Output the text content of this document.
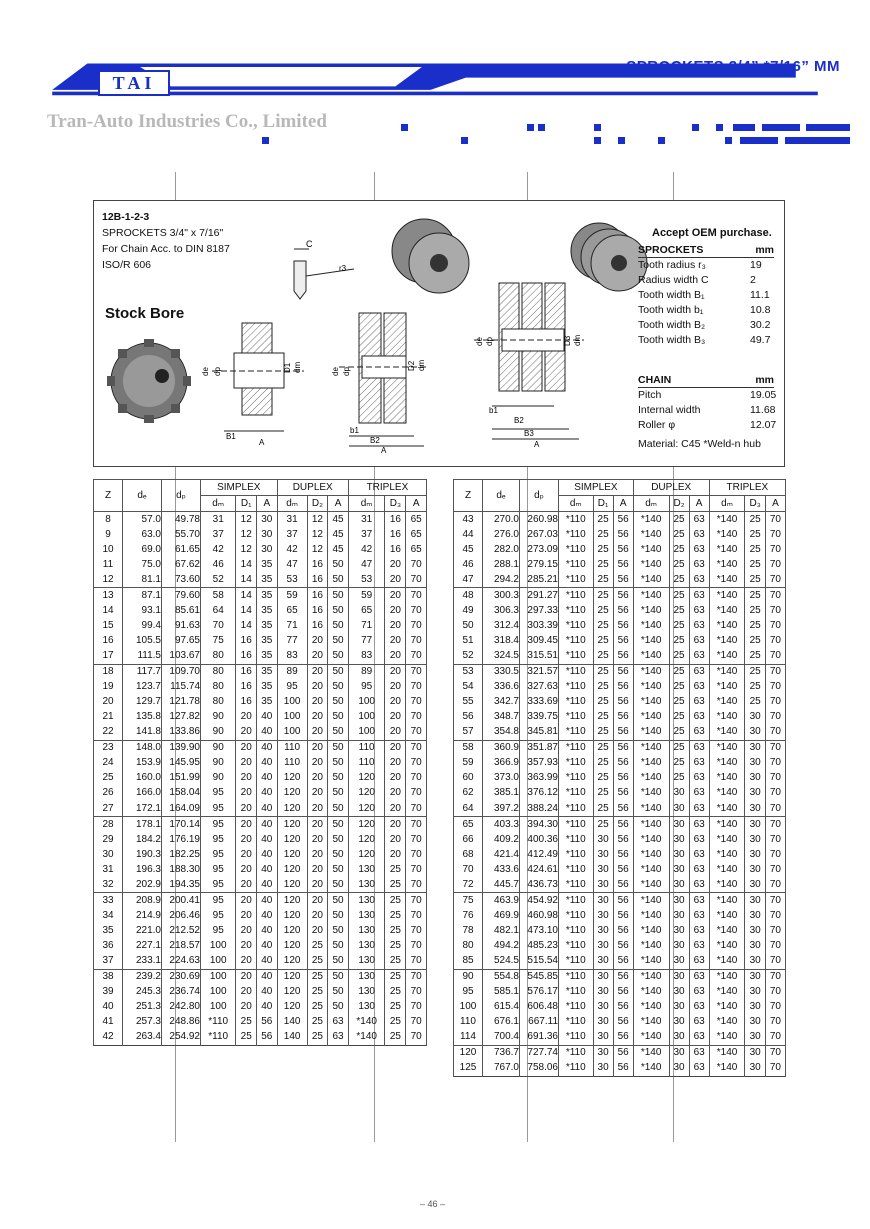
TAI
SPROCKETS 3/4” *7/16” MM
Tran-Auto Industries Co., Limited
12B-1-2-3
SPROCKETS 3/4" x 7/16"
For Chain Acc. to DIN 8187
ISO/R 606
Stock Bore
C
r3
B1
A
de dp	D1 dm
b1
B2
A
de dp
D2 dm
b1
B2
B3
A
de dp	D3 dm
Accept OEM purchase.
SPROCKETS	mm
Tooth radius r₃	19
Radius width C	2
Tooth width B₁	11.1
Tooth width b₁	10.8
Tooth width B₂	30.2
Tooth width B₃	49.7
CHAIN	mm
Pitch	19.05
Internal width	11.68
Roller φ	12.07
Material: C45 *Weld-n hub
Z	dₑ	dₚ	SIMPLEX			DUPLEX			TRIPLEX		
			dₘ	D₁	A	dₘ	D₂	A	dₘ	D₃	A
8	57.0	49.78	31	12	30	31	12	45	31	16	65
9	63.0	55.70	37	12	30	37	12	45	37	16	65
10	69.0	61.65	42	12	30	42	12	45	42	16	65
11	75.0	67.62	46	14	35	47	16	50	47	20	70
12	81.1	73.60	52	14	35	53	16	50	53	20	70
13	87.1	79.60	58	14	35	59	16	50	59	20	70
14	93.1	85.61	64	14	35	65	16	50	65	20	70
15	99.4	91.63	70	14	35	71	16	50	71	20	70
16	105.5	97.65	75	16	35	77	20	50	77	20	70
17	111.5	103.67	80	16	35	83	20	50	83	20	70
18	117.7	109.70	80	16	35	89	20	50	89	20	70
19	123.7	115.74	80	16	35	95	20	50	95	20	70
20	129.7	121.78	80	16	35	100	20	50	100	20	70
21	135.8	127.82	90	20	40	100	20	50	100	20	70
22	141.8	133.86	90	20	40	100	20	50	100	20	70
23	148.0	139.90	90	20	40	110	20	50	110	20	70
24	153.9	145.95	90	20	40	110	20	50	110	20	70
25	160.0	151.99	90	20	40	120	20	50	120	20	70
26	166.0	158.04	95	20	40	120	20	50	120	20	70
27	172.1	164.09	95	20	40	120	20	50	120	20	70
28	178.1	170.14	95	20	40	120	20	50	120	20	70
29	184.2	176.19	95	20	40	120	20	50	120	20	70
30	190.3	182.25	95	20	40	120	20	50	120	20	70
31	196.3	188.30	95	20	40	120	20	50	130	25	70
32	202.9	194.35	95	20	40	120	20	50	130	25	70
33	208.9	200.41	95	20	40	120	20	50	130	25	70
34	214.9	206.46	95	20	40	120	20	50	130	25	70
35	221.0	212.52	95	20	40	120	20	50	130	25	70
36	227.1	218.57	100	20	40	120	25	50	130	25	70
37	233.1	224.63	100	20	40	120	25	50	130	25	70
38	239.2	230.69	100	20	40	120	25	50	130	25	70
39	245.3	236.74	100	20	40	120	25	50	130	25	70
40	251.3	242.80	100	20	40	120	25	50	130	25	70
41	257.3	248.86	*110	25	56	140	25	63	*140	25	70
42	263.4	254.92	*110	25	56	140	25	63	*140	25	70
Z	dₑ	dₚ	SIMPLEX			DUPLEX			TRIPLEX		
			dₘ	D₁	A	dₘ	D₂	A	dₘ	D₃	A
43	270.0	260.98	*110	25	56	*140	25	63	*140	25	70
44	276.0	267.03	*110	25	56	*140	25	63	*140	25	70
45	282.0	273.09	*110	25	56	*140	25	63	*140	25	70
46	288.1	279.15	*110	25	56	*140	25	63	*140	25	70
47	294.2	285.21	*110	25	56	*140	25	63	*140	25	70
48	300.3	291.27	*110	25	56	*140	25	63	*140	25	70
49	306.3	297.33	*110	25	56	*140	25	63	*140	25	70
50	312.4	303.39	*110	25	56	*140	25	63	*140	25	70
51	318.4	309.45	*110	25	56	*140	25	63	*140	25	70
52	324.5	315.51	*110	25	56	*140	25	63	*140	25	70
53	330.5	321.57	*110	25	56	*140	25	63	*140	25	70
54	336.6	327.63	*110	25	56	*140	25	63	*140	25	70
55	342.7	333.69	*110	25	56	*140	25	63	*140	25	70
56	348.7	339.75	*110	25	56	*140	25	63	*140	30	70
57	354.8	345.81	*110	25	56	*140	25	63	*140	30	70
58	360.9	351.87	*110	25	56	*140	25	63	*140	30	70
59	366.9	357.93	*110	25	56	*140	25	63	*140	30	70
60	373.0	363.99	*110	25	56	*140	25	63	*140	30	70
62	385.1	376.12	*110	25	56	*140	30	63	*140	30	70
64	397.2	388.24	*110	25	56	*140	30	63	*140	30	70
65	403.3	394.30	*110	25	56	*140	30	63	*140	30	70
66	409.2	400.36	*110	30	56	*140	30	63	*140	30	70
68	421.4	412.49	*110	30	56	*140	30	63	*140	30	70
70	433.6	424.61	*110	30	56	*140	30	63	*140	30	70
72	445.7	436.73	*110	30	56	*140	30	63	*140	30	70
75	463.9	454.92	*110	30	56	*140	30	63	*140	30	70
76	469.9	460.98	*110	30	56	*140	30	63	*140	30	70
78	482.1	473.10	*110	30	56	*140	30	63	*140	30	70
80	494.2	485.23	*110	30	56	*140	30	63	*140	30	70
85	524.5	515.54	*110	30	56	*140	30	63	*140	30	70
90	554.8	545.85	*110	30	56	*140	30	63	*140	30	70
95	585.1	576.17	*110	30	56	*140	30	63	*140	30	70
100	615.4	606.48	*110	30	56	*140	30	63	*140	30	70
110	676.1	667.11	*110	30	56	*140	30	63	*140	30	70
114	700.4	691.36	*110	30	56	*140	30	63	*140	30	70
120	736.7	727.74	*110	30	56	*140	30	63	*140	30	70
125	767.0	758.06	*110	30	56	*140	30	63	*140	30	70
– 46 –
